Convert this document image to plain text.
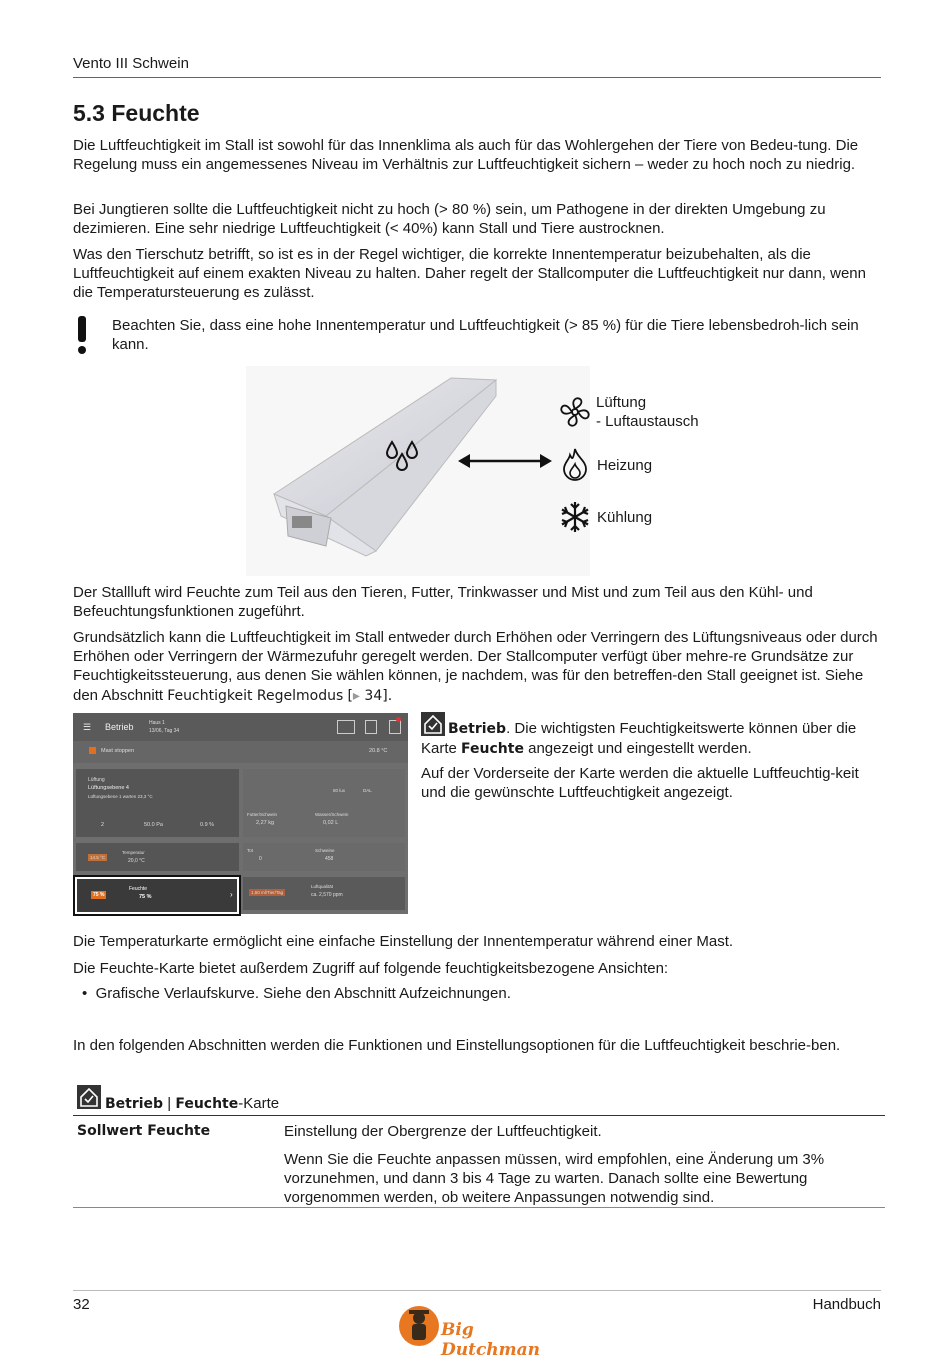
Vento III Schwein
5.3 Feuchte

Die Luftfeuchtigkeit im Stall ist sowohl für das Innenklima als auch für das Wohlergehen der Tiere von Bedeu-tung. Die Regelung muss ein angemessenes Niveau im Verhältnis zur Luftfeuchtigkeit sichern – weder zu hoch noch zu niedrig.

Bei Jungtieren sollte die Luftfeuchtigkeit nicht zu hoch (> 80 %) sein, um Pathogene in der direkten Umgebung zu dezimieren. Eine sehr niedrige Luftfeuchtigkeit (< 40%) kann Stall und Tiere austrocknen.

Was den Tierschutz betrifft, so ist es in der Regel wichtiger, die korrekte Innentemperatur beizubehalten, als die Luftfeuchtigkeit auf einem exakten Niveau zu halten. Daher regelt der Stallcomputer die Luftfeuchtigkeit nur dann, wenn die Temperatursteuerung es zulässt.

Beachten Sie, dass eine hohe Innentemperatur und Luftfeuchtigkeit (> 85 %) für die Tiere lebensbedroh-lich sein kann.

Lüftung
- Luftaustausch
Heizung
Kühlung

Der Stallluft wird Feuchte zum Teil aus den Tieren, Futter, Trinkwasser und Mist und zum Teil aus den Kühl- und Befeuchtungsfunktionen zugeführt.

Grundsätzlich kann die Luftfeuchtigkeit im Stall entweder durch Erhöhen oder Verringern des Lüftungsniveaus oder durch Erhöhen oder Verringern der Wärmezufuhr geregelt werden. Der Stallcomputer verfügt über mehre-re Grundsätze zur Feuchtigkeitssteuerung, aus denen Sie wählen können, je nachdem, was für den betreffen-den Stall geeignet ist. Siehe den Abschnitt Feuchtigkeit Regelmodus [▸ 34].

☰ Betrieb	Haus 1
13/06, Tag 34
Mast stoppen	20.8 °C
Lüftung
Lüftungsebene 4
Lüftungsebene 1 warten 23,3 °C
2	50.0 Pa	0.9 %
Futter/Schwein
2,27 kg
Wasser/Schwein
0,02 L
80 lux	DAL
14.5 °C
Temperatur
20,0 °C
Tot
0
Schweine
458
75 %
Feuchte
75 %	›	1,50 ml/Tier/Tag
Luftqualität
ca. 2,570 ppm

Betrieb. Die wichtigsten Feuchtigkeitswerte können über die Karte Feuchte angezeigt und eingestellt werden.

Auf der Vorderseite der Karte werden die aktuelle Luftfeuchtig-keit und die gewünschte Luftfeuchtigkeit angezeigt.

Die Temperaturkarte ermöglicht eine einfache Einstellung der Innentemperatur während einer Mast.

Die Feuchte-Karte bietet außerdem Zugriff auf folgende feuchtigkeitsbezogene Ansichten:

• Grafische Verlaufskurve. Siehe den Abschnitt Aufzeichnungen.

In den folgenden Abschnitten werden die Funktionen und Einstellungsoptionen für die Luftfeuchtigkeit beschrie-ben.

Betrieb | Feuchte-Karte
Sollwert Feuchte	Einstellung der Obergrenze der Luftfeuchtigkeit.
Wenn Sie die Feuchte anpassen müssen, wird empfohlen, eine Änderung um 3% vorzunehmen, und dann 3 bis 4 Tage zu warten. Danach sollte eine Bewertung vorgenommen werden, ob weitere Anpassungen notwendig sind.
32	Handbuch
Big Dutchman
